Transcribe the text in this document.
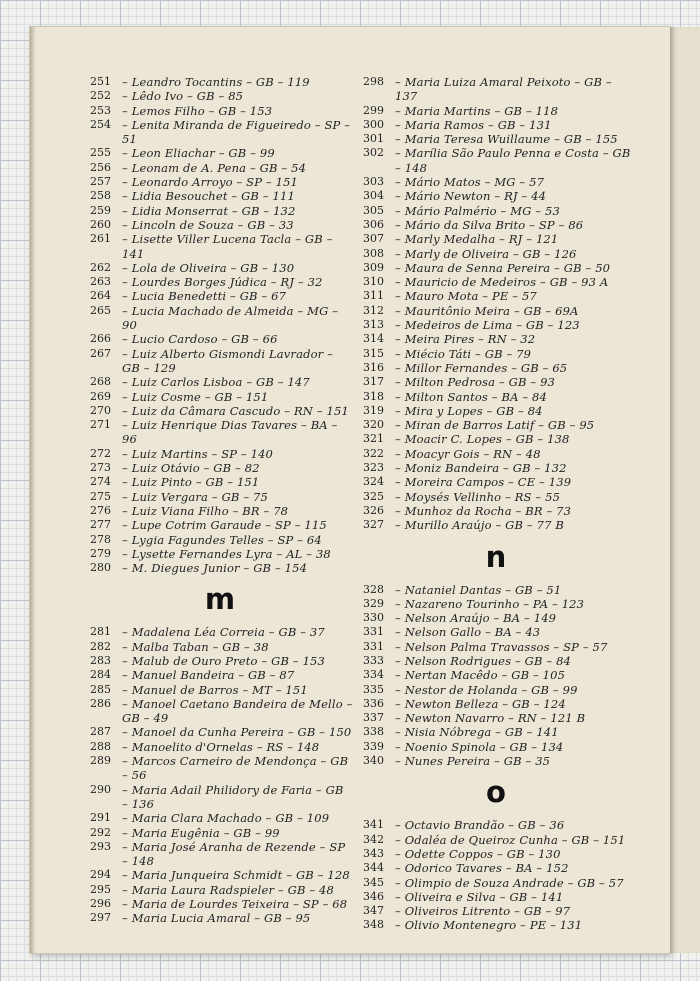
251 – Leandro Tocantins – GB – 119
252 – Lêdo Ivo – GB – 85
253 – Lemos Filho – GB – 153
254 – Lenita Miranda de Figueiredo – SP – 51
255 – Leon Eliachar – GB – 99
256 – Leonam de A. Pena – GB – 54
257 – Leonardo Arroyo – SP – 151
258 – Lidia Besouchet – GB – 111
259 – Lidia Monserrat – GB – 132
260 – Lincoln de Souza – GB – 33
261 – Lisette Viller Lucena Tacla – GB – 141
262 – Lola de Oliveira – GB – 130
263 – Lourdes Borges Júdica – RJ – 32
264 – Lucia Benedetti – GB – 67
265 – Lucia Machado de Almeida – MG – 90
266 – Lucio Cardoso – GB – 66
267 – Luiz Alberto Gismondi Lavrador – GB – 129
268 – Luiz Carlos Lisboa – GB – 147
269 – Luiz Cosme – GB – 151
270 – Luiz da Câmara Cascudo – RN – 151
271 – Luiz Henrique Dias Tavares – BA – 96
272 – Luiz Martins – SP – 140
273 – Luiz Otávio – GB – 82
274 – Luiz Pinto – GB – 151
275 – Luiz Vergara – GB – 75
276 – Luiz Viana Filho – BR – 78
277 – Lupe Cotrim Garaude – SP – 115
278 – Lygia Fagundes Telles – SP – 64
279 – Lysette Fernandes Lyra – AL – 38
280 – M. Diegues Junior – GB – 154
m
281 – Madalena Léa Correia – GB – 37
282 – Malba Taban – GB – 38
283 – Malub de Ouro Preto – GB – 153
284 – Manuel Bandeira – GB – 87
285 – Manuel de Barros – MT – 151
286 – Manoel Caetano Bandeira de Mello – GB – 49
287 – Manoel da Cunha Pereira – GB – 150
288 – Manoelito d'Ornelas – RS – 148
289 – Marcos Carneiro de Mendonça – GB – 56
290 – Maria Adail Philidory de Faria – GB – 136
291 – Maria Clara Machado – GB – 109
292 – Maria Eugênia – GB – 99
293 – Maria José Aranha de Rezende – SP – 148
294 – Maria Junqueira Schmidt – GB – 128
295 – Maria Laura Radspieler – GB – 48
296 – Maria de Lourdes Teixeira – SP – 68
297 – Maria Lucia Amaral – GB – 95
298 – Maria Luiza Amaral Peixoto – GB – 137
299 – Maria Martins – GB – 118
300 – Maria Ramos – GB – 131
301 – Maria Teresa Wuillaume – GB – 155
302 – Marília São Paulo Penna e Costa – GB – 148
303 – Mário Matos – MG – 57
304 – Mário Newton – RJ – 44
305 – Mário Palmério – MG – 53
306 – Mário da Silva Brito – SP – 86
307 – Marly Medalha – RJ – 121
308 – Marly de Oliveira – GB – 126
309 – Maura de Senna Pereira – GB – 50
310 – Mauricio de Medeiros – GB – 93 A
311 – Mauro Mota – PE – 57
312 – Mauritônio Meira – GB – 69A
313 – Medeiros de Lima – GB – 123
314 – Meira Pires – RN – 32
315 – Miécio Táti – GB – 79
316 – Millor Fernandes – GB – 65
317 – Milton Pedrosa – GB – 93
318 – Milton Santos – BA – 84
319 – Mira y Lopes – GB – 84
320 – Miran de Barros Latif – GB – 95
321 – Moacir C. Lopes – GB – 138
322 – Moacyr Gois – RN – 48
323 – Moniz Bandeira – GB – 132
324 – Moreira Campos – CE – 139
325 – Moysés Vellinho – RS – 55
326 – Munhoz da Rocha – BR – 73
327 – Murillo Araújo – GB – 77 B
n
328 – Nataniel Dantas – GB – 51
329 – Nazareno Tourinho – PA – 123
330 – Nelson Araújo – BA – 149
331 – Nelson Gallo – BA – 43
331 – Nelson Palma Travassos – SP – 57
333 – Nelson Rodrigues – GB – 84
334 – Nertan Macêdo – GB – 105
335 – Nestor de Holanda – GB – 99
336 – Newton Belleza – GB – 124
337 – Newton Navarro – RN – 121 B
338 – Nisia Nóbrega – GB – 141
339 – Noenio Spinola – GB – 134
340 – Nunes Pereira – GB – 35
o
341 – Octavio Brandão – GB – 36
342 – Odaléa de Queiroz Cunha – GB – 151
343 – Odette Coppos – GB – 130
344 – Odorico Tavares – BA – 152
345 – Olimpio de Souza Andrade – GB – 57
346 – Oliveira e Silva – GB – 141
347 – Oliveiros Litrento – GB – 97
348 – Olivio Montenegro – PE – 131
